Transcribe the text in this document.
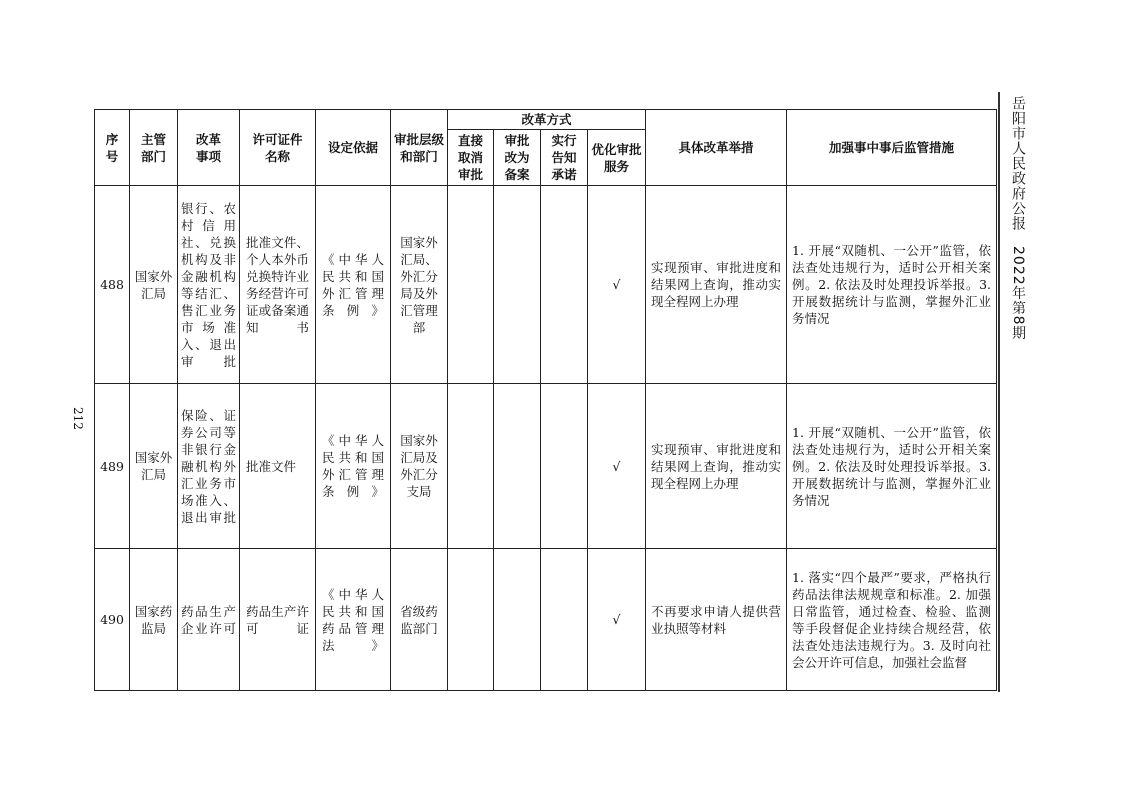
序号	主管部门	改革事项	许可证件名称	设定依据	审批层级和部门	改革方式				具体改革举措	加强事中事后监管措施
						直接取消审批	审批改为备案	实行告知承诺	优化审批服务		
488	国家外汇局	银行、农村信用社、兑换机构及非金融机构等结汇、售汇业务市场准入、退出审批	批准文件、个人本外币兑换特许业务经营许可证或备案通知书	《中华人民共和国外汇管理条例》	国家外汇局、外汇分局及外汇管理部				√	实现预审、审批进度和结果网上查询，推动实现全程网上办理	1. 开展“双随机、一公开”监管，依法查处违规行为，适时公开相关案例。2. 依法及时处理投诉举报。3. 开展数据统计与监测，掌握外汇业务情况
489	国家外汇局	保险、证券公司等非银行金融机构外汇业务市场准入、退出审批	批准文件	《中华人民共和国外汇管理条例》	国家外汇局及外汇分支局				√	实现预审、审批进度和结果网上查询，推动实现全程网上办理	1. 开展“双随机、一公开”监管，依法查处违规行为，适时公开相关案例。2. 依法及时处理投诉举报。3. 开展数据统计与监测，掌握外汇业务情况
490	国家药监局	药品生产企业许可	药品生产许可证	《中华人民共和国药品管理法》	省级药监部门				√	不再要求申请人提供营业执照等材料	1. 落实“四个最严”要求，严格执行药品法律法规规章和标准。2. 加强日常监管，通过检查、检验、监测等手段督促企业持续合规经营，依法查处违法违规行为。3. 及时向社会公开许可信息，加强社会监督
岳阳市人民政府公报　2022年第8期
212
